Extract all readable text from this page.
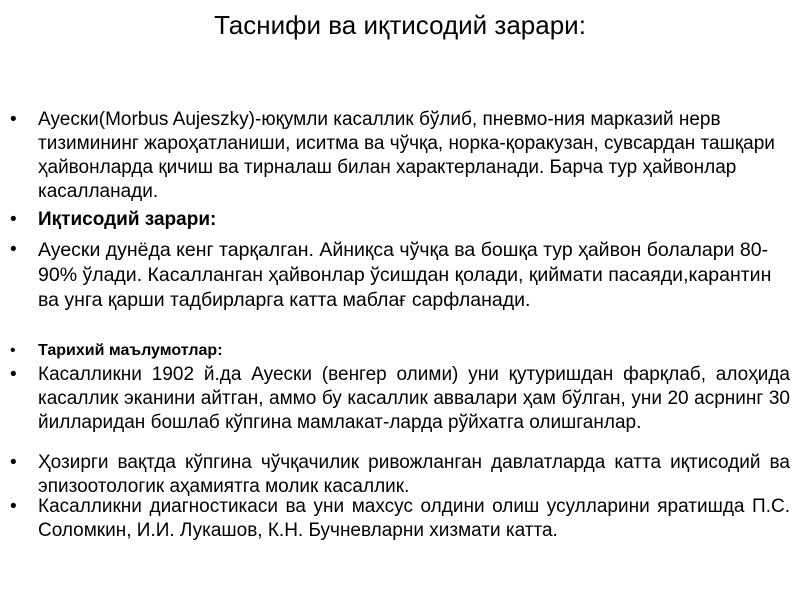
Таснифи ва иқтисодий зарари:
•	Ауески(Morbus Aujeszky)-юқумли касаллик бўлиб, пневмо-ния марказий нерв тизимининг жароҳатланиши, иситма ва чўчқа, норка-қоракузан, сувсардан ташқари ҳайвонларда қичиш ва тирналаш билан характерланади. Барча тур ҳайвонлар касалланади.
•	Иқтисодий зарари:
•	Ауески дунёда кенг тарқалган. Айниқса чўчқа ва бошқа тур ҳайвон болалари 80-90% ўлади. Касалланган ҳайвонлар ўсишдан қолади, қиймати пасаяди,карантин ва унга қарши тадбирларга катта маблағ сарфланади.
•	Тарихий маълумотлар:
•	Касалликни 1902 й.да Ауески (венгер олими) уни қутуришдан фарқлаб, алоҳида касаллик эканини айтган, аммо бу касаллик аввалари ҳам бўлган, уни 20 асрнинг 30 йилларидан бошлаб кўпгина мамлакат-ларда рўйхатга олишганлар.
•	Ҳозирги вақтда кўпгина чўчқачилик ривожланган давлатларда катта иқтисодий ва эпизоотологик аҳамиятга молик касаллик.
•	Касалликни диагностикаси ва уни махсус олдини олиш усулларини яратишда П.С. Соломкин, И.И. Лукашов, К.Н. Бучневларни хизмати катта.
